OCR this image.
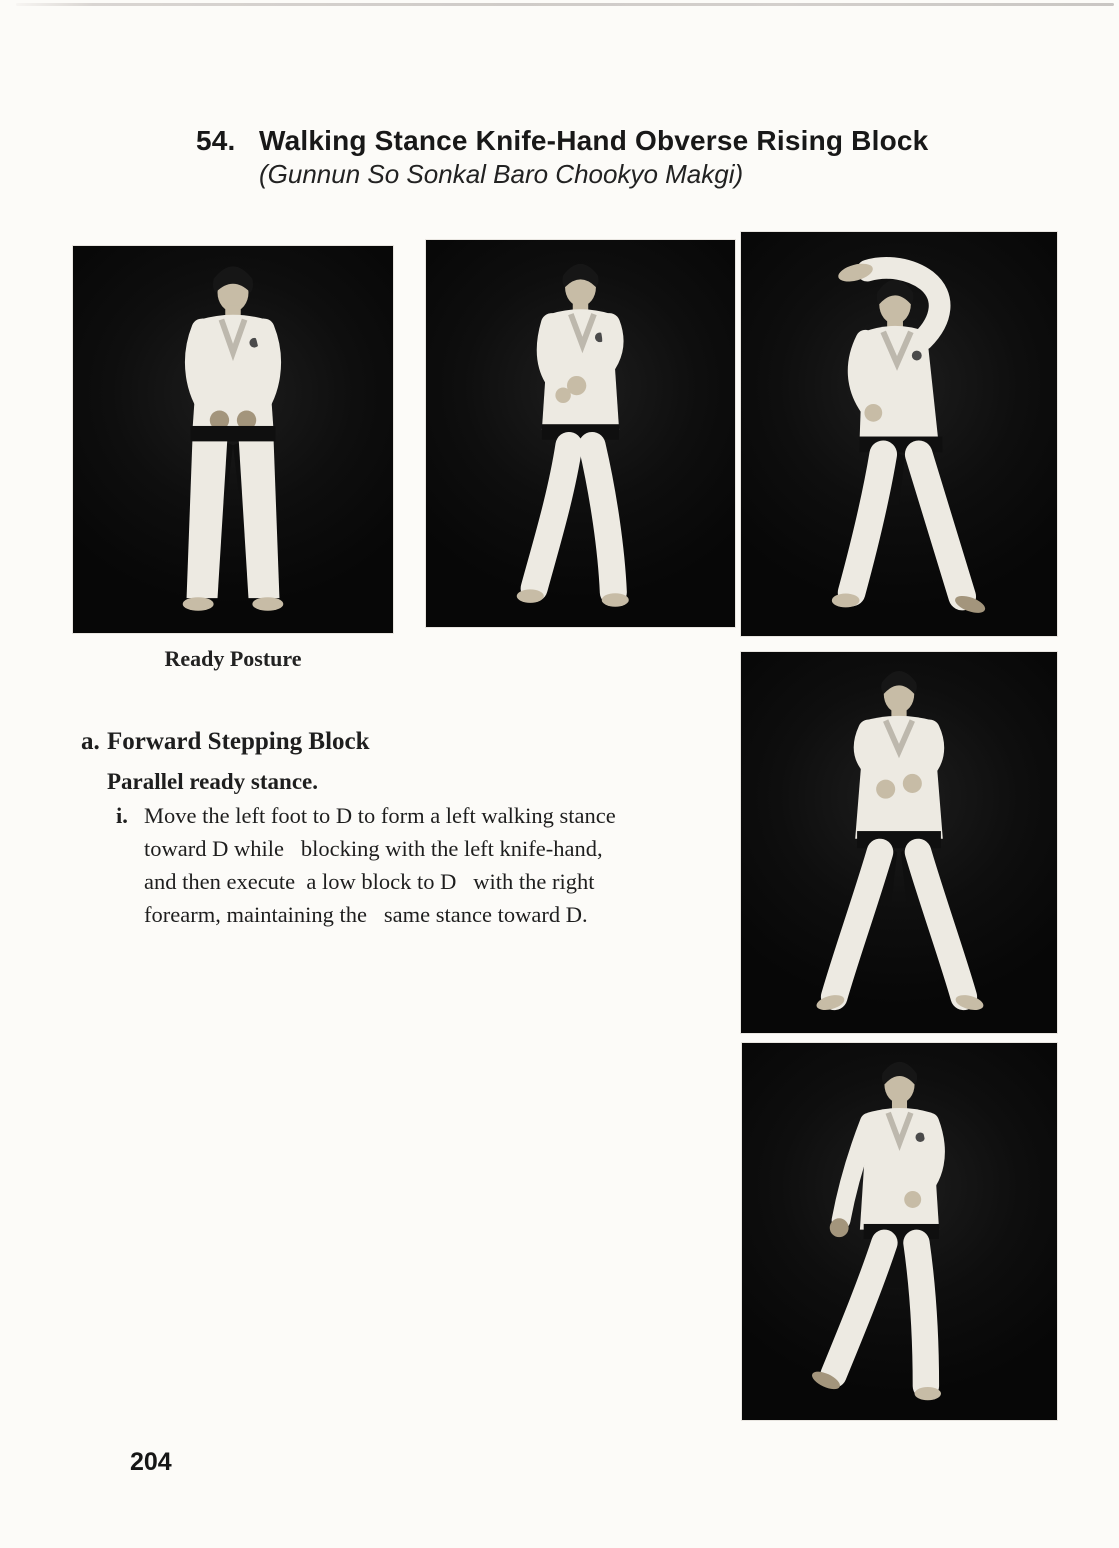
54. Walking Stance Knife-Hand Obverse Rising Block
(Gunnun So Sonkal Baro Chookyo Makgi)
Ready Posture
a. Forward Stepping Block
Parallel ready stance.
i. Move the left foot to D to form a left walking stance
toward D while   blocking with the left knife-hand,
and then execute  a low block to D   with the right
forearm, maintaining the   same stance toward D.
204
